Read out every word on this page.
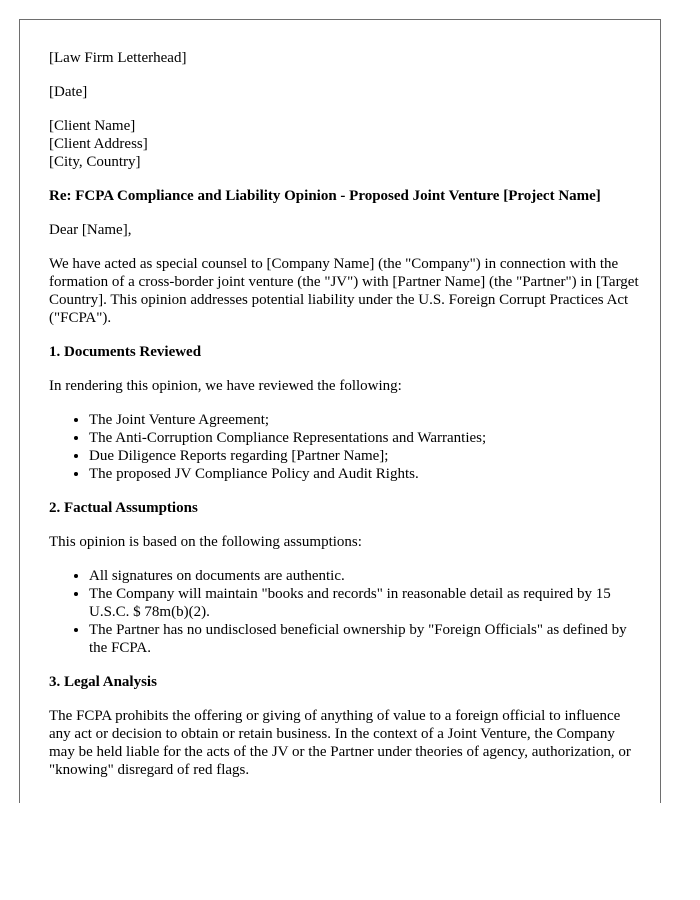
[Law Firm Letterhead]

[Date]

[Client Name]
[Client Address]
[City, Country]

Re: FCPA Compliance and Liability Opinion - Proposed Joint Venture [Project Name]

Dear [Name],

We have acted as special counsel to [Company Name] (the "Company") in connection with the formation of a cross-border joint venture (the "JV") with [Partner Name] (the "Partner") in [Target Country]. This opinion addresses potential liability under the U.S. Foreign Corrupt Practices Act ("FCPA").

1. Documents Reviewed

In rendering this opinion, we have reviewed the following:

• The Joint Venture Agreement;
• The Anti-Corruption Compliance Representations and Warranties;
• Due Diligence Reports regarding [Partner Name];
• The proposed JV Compliance Policy and Audit Rights.
2. Factual Assumptions

This opinion is based on the following assumptions:

• All signatures on documents are authentic.
• The Company will maintain "books and records" in reasonable detail as required by 15 U.S.C. $ 78m(b)(2).
• The Partner has no undisclosed beneficial ownership by "Foreign Officials" as defined by the FCPA.
3. Legal Analysis

The FCPA prohibits the offering or giving of anything of value to a foreign official to influence any act or decision to obtain or retain business. In the context of a Joint Venture, the Company may be held liable for the acts of the JV or the Partner under theories of agency, authorization, or "knowing" disregard of red flags.
